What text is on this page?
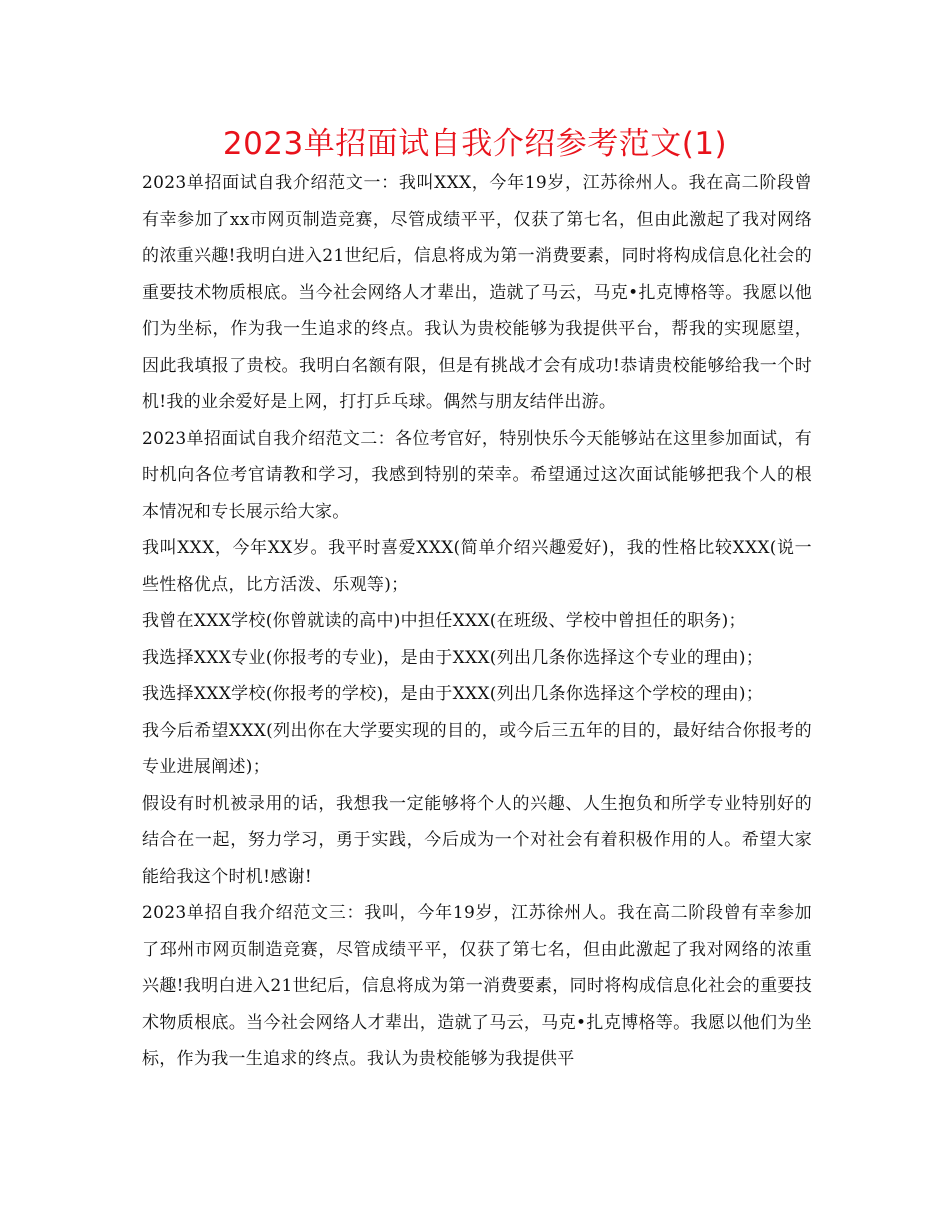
2023单招面试自我介绍参考范文(1)

2023单招面试自我介绍范文一：我叫XXX，今年19岁，江苏徐州人。我在高二阶段曾有幸参加了xx市网页制造竞赛，尽管成绩平平，仅获了第七名，但由此激起了我对网络的浓重兴趣!我明白进入21世纪后，信息将成为第一消费要素，同时将构成信息化社会的重要技术物质根底。当今社会网络人才辈出，造就了马云，马克•扎克博格等。我愿以他们为坐标，作为我一生追求的终点。我认为贵校能够为我提供平台，帮我的实现愿望，因此我填报了贵校。我明白名额有限，但是有挑战才会有成功!恭请贵校能够给我一个时机!我的业余爱好是上网，打打乒乓球。偶然与朋友结伴出游。

2023单招面试自我介绍范文二：各位考官好，特别快乐今天能够站在这里参加面试，有时机向各位考官请教和学习，我感到特别的荣幸。希望通过这次面试能够把我个人的根本情况和专长展示给大家。

我叫XXX，今年XX岁。我平时喜爱XXX(简单介绍兴趣爱好)，我的性格比较XXX(说一些性格优点，比方活泼、乐观等)；

我曾在XXX学校(你曾就读的高中)中担任XXX(在班级、学校中曾担任的职务)；

我选择XXX专业(你报考的专业)，是由于XXX(列出几条你选择这个专业的理由)；

我选择XXX学校(你报考的学校)，是由于XXX(列出几条你选择这个学校的理由)；

我今后希望XXX(列出你在大学要实现的目的，或今后三五年的目的，最好结合你报考的专业进展阐述)；

假设有时机被录用的话，我想我一定能够将个人的兴趣、人生抱负和所学专业特别好的结合在一起，努力学习，勇于实践，今后成为一个对社会有着积极作用的人。希望大家能给我这个时机!感谢!

2023单招自我介绍范文三：我叫，今年19岁，江苏徐州人。我在高二阶段曾有幸参加了邳州市网页制造竞赛，尽管成绩平平，仅获了第七名，但由此激起了我对网络的浓重兴趣!我明白进入21世纪后，信息将成为第一消费要素，同时将构成信息化社会的重要技术物质根底。当今社会网络人才辈出，造就了马云，马克•扎克博格等。我愿以他们为坐标，作为我一生追求的终点。我认为贵校能够为我提供平
